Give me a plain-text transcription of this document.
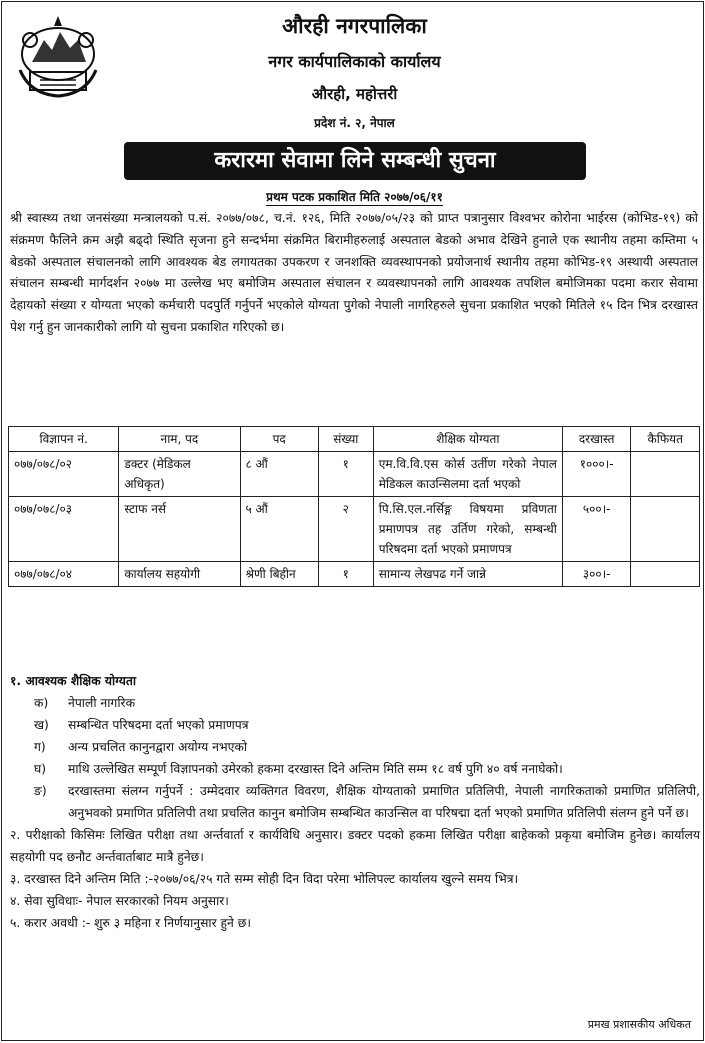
औरही नगरपालिका
नगर कार्यपालिकाको कार्यालय
औरही, महोत्तरी
प्रदेश नं. २, नेपाल
करारमा सेवामा लिने सम्बन्धी सुचना
प्रथम पटक प्रकाशित मिति २०७७/०६/११
श्री स्वास्थ्य तथा जनसंख्या मन्त्रालयको प.सं. २०७७/०७८, च.नं. १२६, मिति २०७७/०५/२३ को प्राप्त पत्रानुसार विश्वभर कोरोना भाईरस (कोभिड-१९) को संक्रमण फैलिने क्रम अझै बढ्दो स्थिति सृजना हुने सन्दर्भमा संक्रमित बिरामीहरुलाई अस्पताल बेडको अभाव देखिने हुनाले एक स्थानीय तहमा कम्तिमा ५ बेडको अस्पताल संचालनको लागि आवश्यक बेड लगायतका उपकरण र जनशक्ति व्यवस्थापनको प्रयोजनार्थ स्थानीय तहमा कोभिड-१९ अस्थायी अस्पताल संचालन सम्बन्धी मार्गदर्शन २०७७ मा उल्लेख भए बमोजिम अस्पताल संचालन र व्यवस्थापनको लागि आवश्यक तपशिल बमोजिमका पदमा करार सेवामा देहायको संख्या र योग्यता भएको कर्मचारी पदपुर्ति गर्नुपर्ने भएकोले योग्यता पुगेको नेपाली नागरिहरुले सुचना प्रकाशित भएको मितिले १५ दिन भित्र दरखास्त पेश गर्नु हुन जानकारीको लागि यो सुचना प्रकाशित गरिएको छ।
विज्ञापन नं.	नाम, पद	पद	संख्या	शैक्षिक योग्यता	दरखास्त	कैफियत
०७७/०७८/०२	डक्टर (मेडिकल अधिकृत)	८ औं	१	एम.वि.वि.एस कोर्स उर्तीण गरेको नेपाल मेडिकल काउन्सिलमा दर्ता भएको	१०००।-	
०७७/०७८/०३	स्टाफ नर्स	५ औं	२	पि.सि.एल.नर्सिङ्ग विषयमा प्रविणता प्रमाणपत्र तह उर्तिण गरेको, सम्बन्धी परिषदमा दर्ता भएको प्रमाणपत्र	५००।-	
०७७/०७८/०४	कार्यालय सहयोगी	श्रेणी बिहीन	१	सामान्य लेखपढ गर्ने जान्ने	३००।-	
१. आवश्यक शैक्षिक योग्यता
क)	नेपाली नागरिक
ख)	सम्बन्धित परिषदमा दर्ता भएको प्रमाणपत्र
ग)	अन्य प्रचलित कानुनद्वारा अयोग्य नभएको
घ)	माथि उल्लेखित सम्पूर्ण विज्ञापनको उमेरको हकमा दरखास्त दिने अन्तिम मिति सम्म १८ वर्ष पुगि ४० वर्ष ननाघेको।
ङ)	दरखास्तमा संलग्न गर्नुपर्ने : उम्मेदवार व्यक्तिगत विवरण, शैक्षिक योग्यताको प्रमाणित प्रतिलिपी, नेपाली नागरिकताको प्रमाणित प्रतिलिपी, अनुभवको प्रमाणित प्रतिलिपी तथा प्रचलित कानुन बमोजिम सम्बन्धित काउन्सिल वा परिषद्मा दर्ता भएको प्रमाणित प्रतिलिपी संलग्न हुने पर्ने छ।
२. परीक्षाको किसिमः लिखित परीक्षा तथा अर्न्तवार्ता र कार्यविधि अनुसार। डक्टर पदको हकमा लिखित परीक्षा बाहेकको प्रकृया बमोजिम हुनेछ। कार्यालय सहयोगी पद छनौट अर्न्तवार्ताबाट मात्रै हुनेछ।
३. दरखास्त दिने अन्तिम मिति :-२०७७/०६/२५ गते सम्म सोही दिन विदा परेमा भोलिपल्ट कार्यालय खुल्ने समय भित्र।
४. सेवा सुविधाः- नेपाल सरकारको नियम अनुसार।
५. करार अवधी :- शुरु ३ महिना र निर्णयानुसार हुने छ।
प्रमख प्रशासकीय अधिकत
